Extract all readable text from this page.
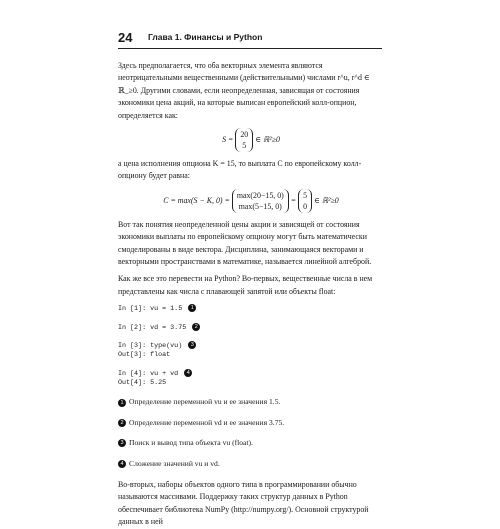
24 Глава 1. Финансы и Python

Здесь предполагается, что оба векторных элемента являются неотрицательными вещественными (действительными) числами r^u, r^d ∈ ℝ_≥0. Другими словами, если неопределенная, зависящая от состояния экономики цена акций, на которые выписан европейский колл-опцион, определяется как:

S = 20
5 ∈ ℝ²≥0

а цена исполнения опциона K = 15, то выплата C по европейскому колл-опциону будет равна:

C = max(S − K, 0) = max(20−15, 0)
max(5−15, 0) = 5
0 ∈ ℝ²≥0

Вот так понятия неопределенной цены акции и зависящей от состояния экономики выплаты по европейскому опциону могут быть математически смоделированы в виде вектора. Дисциплина, занимающаяся векторами и векторными пространствами в математике, называется линейной алгеброй.

Как же все это перевести на Python? Во-первых, вещественные числа в нем представлены как числа с плавающей запятой или объекты float:

In [1]: vu = 1.5 1
In [2]: vd = 3.75 2
In [3]: type(vu) 3
Out[3]: float
In [4]: vu + vd 4
Out[4]: 5.25
1 Определение переменной vu и ее значения 1.5.
2 Определение переменной vd и ее значения 3.75.
3 Поиск и вывод типа объекта vu (float).
4 Сложение значений vu и vd.

Во-вторых, наборы объектов одного типа в программировании обычно называются массивами. Поддержку таких структур данных в Python обеспечивает библиотека NumPy (http://numpy.org/). Основной структурой данных в ней
